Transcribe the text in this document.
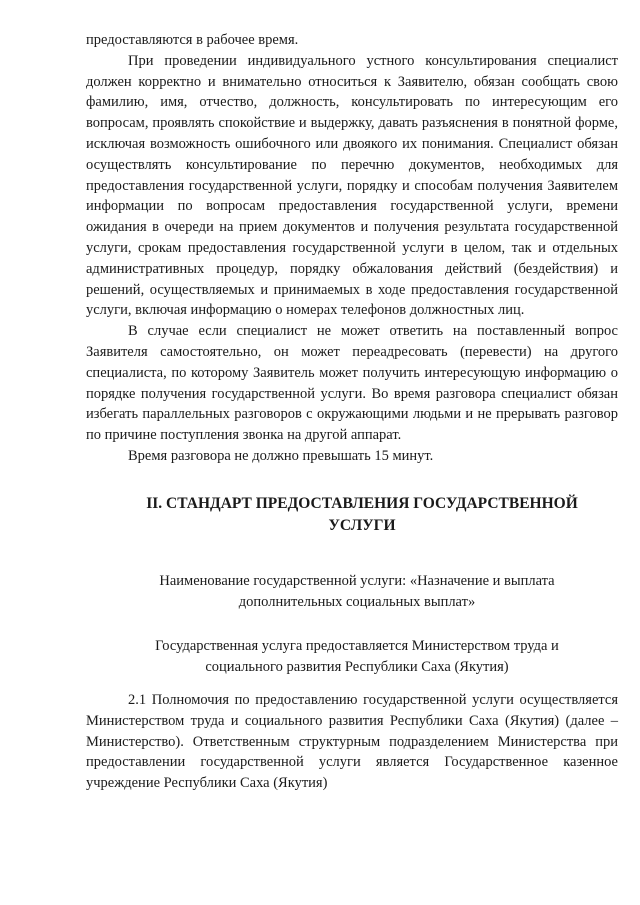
предоставляются в рабочее время.

При проведении индивидуального устного консультирования специалист должен корректно и внимательно относиться к Заявителю, обязан сообщать свою фамилию, имя, отчество, должность, консультировать по интересующим его вопросам, проявлять спокойствие и выдержку, давать разъяснения в понятной форме, исключая возможность ошибочного или двоякого их понимания. Специалист обязан осуществлять консультирование по перечню документов, необходимых для предоставления государственной услуги, порядку и способам получения Заявителем информации по вопросам предоставления государственной услуги, времени ожидания в очереди на прием документов и получения результата государственной услуги, срокам предоставления государственной услуги в целом, так и отдельных административных процедур, порядку обжалования действий (бездействия) и решений, осуществляемых и принимаемых в ходе предоставления государственной услуги, включая информацию о номерах телефонов должностных лиц.

В случае если специалист не может ответить на поставленный вопрос Заявителя самостоятельно, он может переадресовать (перевести) на другого специалиста, по которому Заявитель может получить интересующую информацию о порядке получения государственной услуги. Во время разговора специалист обязан избегать параллельных разговоров с окружающими людьми и не прерывать разговор по причине поступления звонка на другой аппарат.

Время разговора не должно превышать 15 минут.

II. СТАНДАРТ ПРЕДОСТАВЛЕНИЯ ГОСУДАРСТВЕННОЙ
УСЛУГИ

Наименование государственной услуги: «Назначение и выплата
дополнительных социальных выплат»

Государственная услуга предоставляется Министерством труда и
социального развития Республики Саха (Якутия)

2.1 Полномочия по предоставлению государственной услуги осуществляется Министерством труда и социального развития Республики Саха (Якутия) (далее – Министерство). Ответственным структурным подразделением Министерства при предоставлении государственной услуги является Государственное казенное учреждение Республики Саха (Якутия)
